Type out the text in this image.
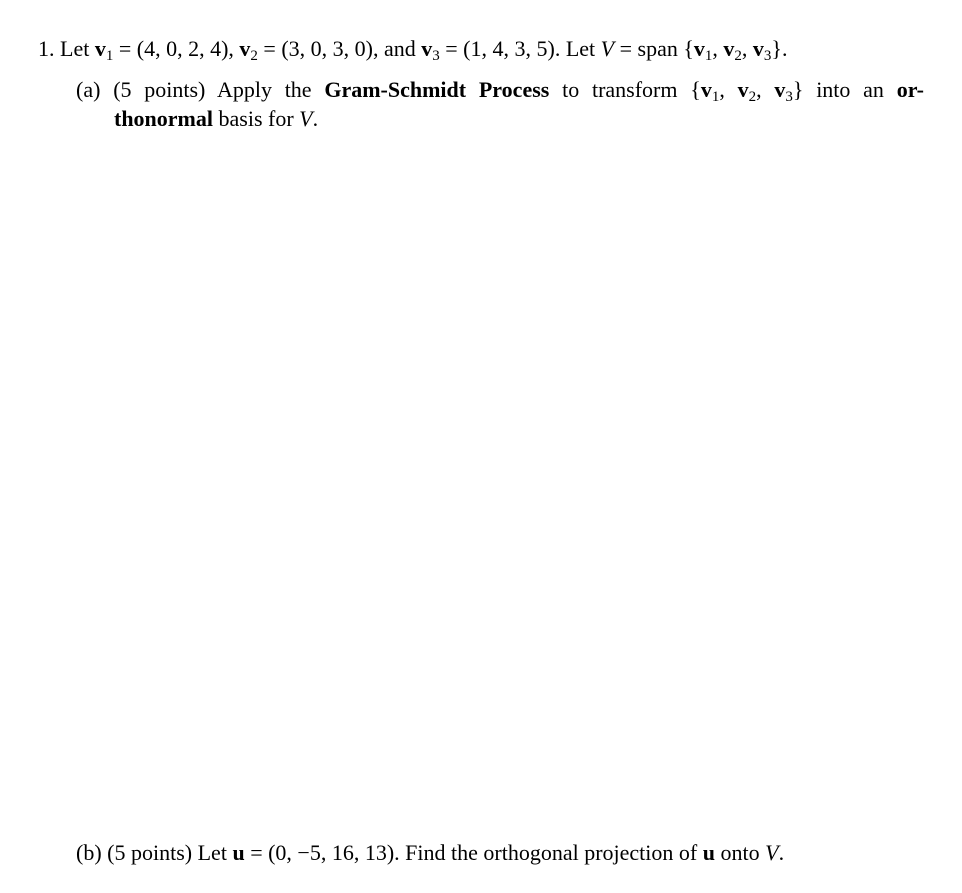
1. Let v1 = (4, 0, 2, 4), v2 = (3, 0, 3, 0), and v3 = (1, 4, 3, 5). Let V = span {v1, v2, v3}.
(a) (5 points) Apply the Gram-Schmidt Process to transform {v1, v2, v3} into an or-
thonormal basis for V.
(b) (5 points) Let u = (0, −5, 16, 13). Find the orthogonal projection of u onto V.
